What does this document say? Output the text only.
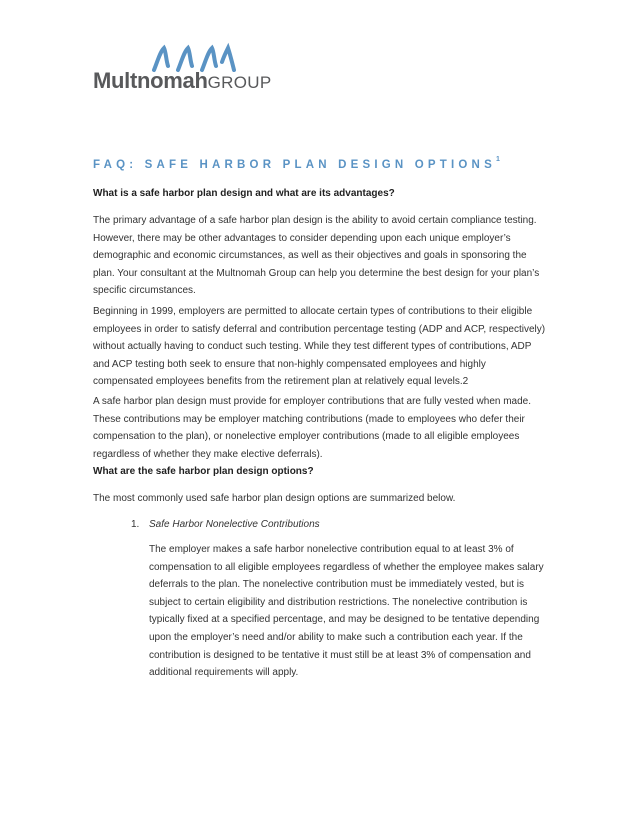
MultnomahGROUP
FAQ: SAFE HARBOR PLAN DESIGN OPTIONS$^1$
What is a safe harbor plan design and what are its advantages?
The primary advantage of a safe harbor plan design is the ability to avoid certain compliance testing. However, there may be other advantages to consider depending upon each unique employer’s demographic and economic circumstances, as well as their objectives and goals in sponsoring the plan. Your consultant at the Multnomah Group can help you determine the best design for your plan’s specific circumstances.
Beginning in 1999, employers are permitted to allocate certain types of contributions to their eligible employees in order to satisfy deferral and contribution percentage testing (ADP and ACP, respectively) without actually having to conduct such testing. While they test different types of contributions, ADP and ACP testing both seek to ensure that non-highly compensated employees and highly compensated employees benefits from the retirement plan at relatively equal levels.2
A safe harbor plan design must provide for employer contributions that are fully vested when made. These contributions may be employer matching contributions (made to employees who defer their compensation to the plan), or nonelective employer contributions (made to all eligible employees regardless of whether they make elective deferrals).
What are the safe harbor plan design options?
The most commonly used safe harbor plan design options are summarized below.
1. Safe Harbor Nonelective Contributions
The employer makes a safe harbor nonelective contribution equal to at least 3% of compensation to all eligible employees regardless of whether the employee makes salary deferrals to the plan. The nonelective contribution must be immediately vested, but is subject to certain eligibility and distribution restrictions. The nonelective contribution is typically fixed at a specified percentage, and may be designed to be tentative depending upon the employer’s need and/or ability to make such a contribution each year. If the contribution is designed to be tentative it must still be at least 3% of compensation and additional requirements will apply.
